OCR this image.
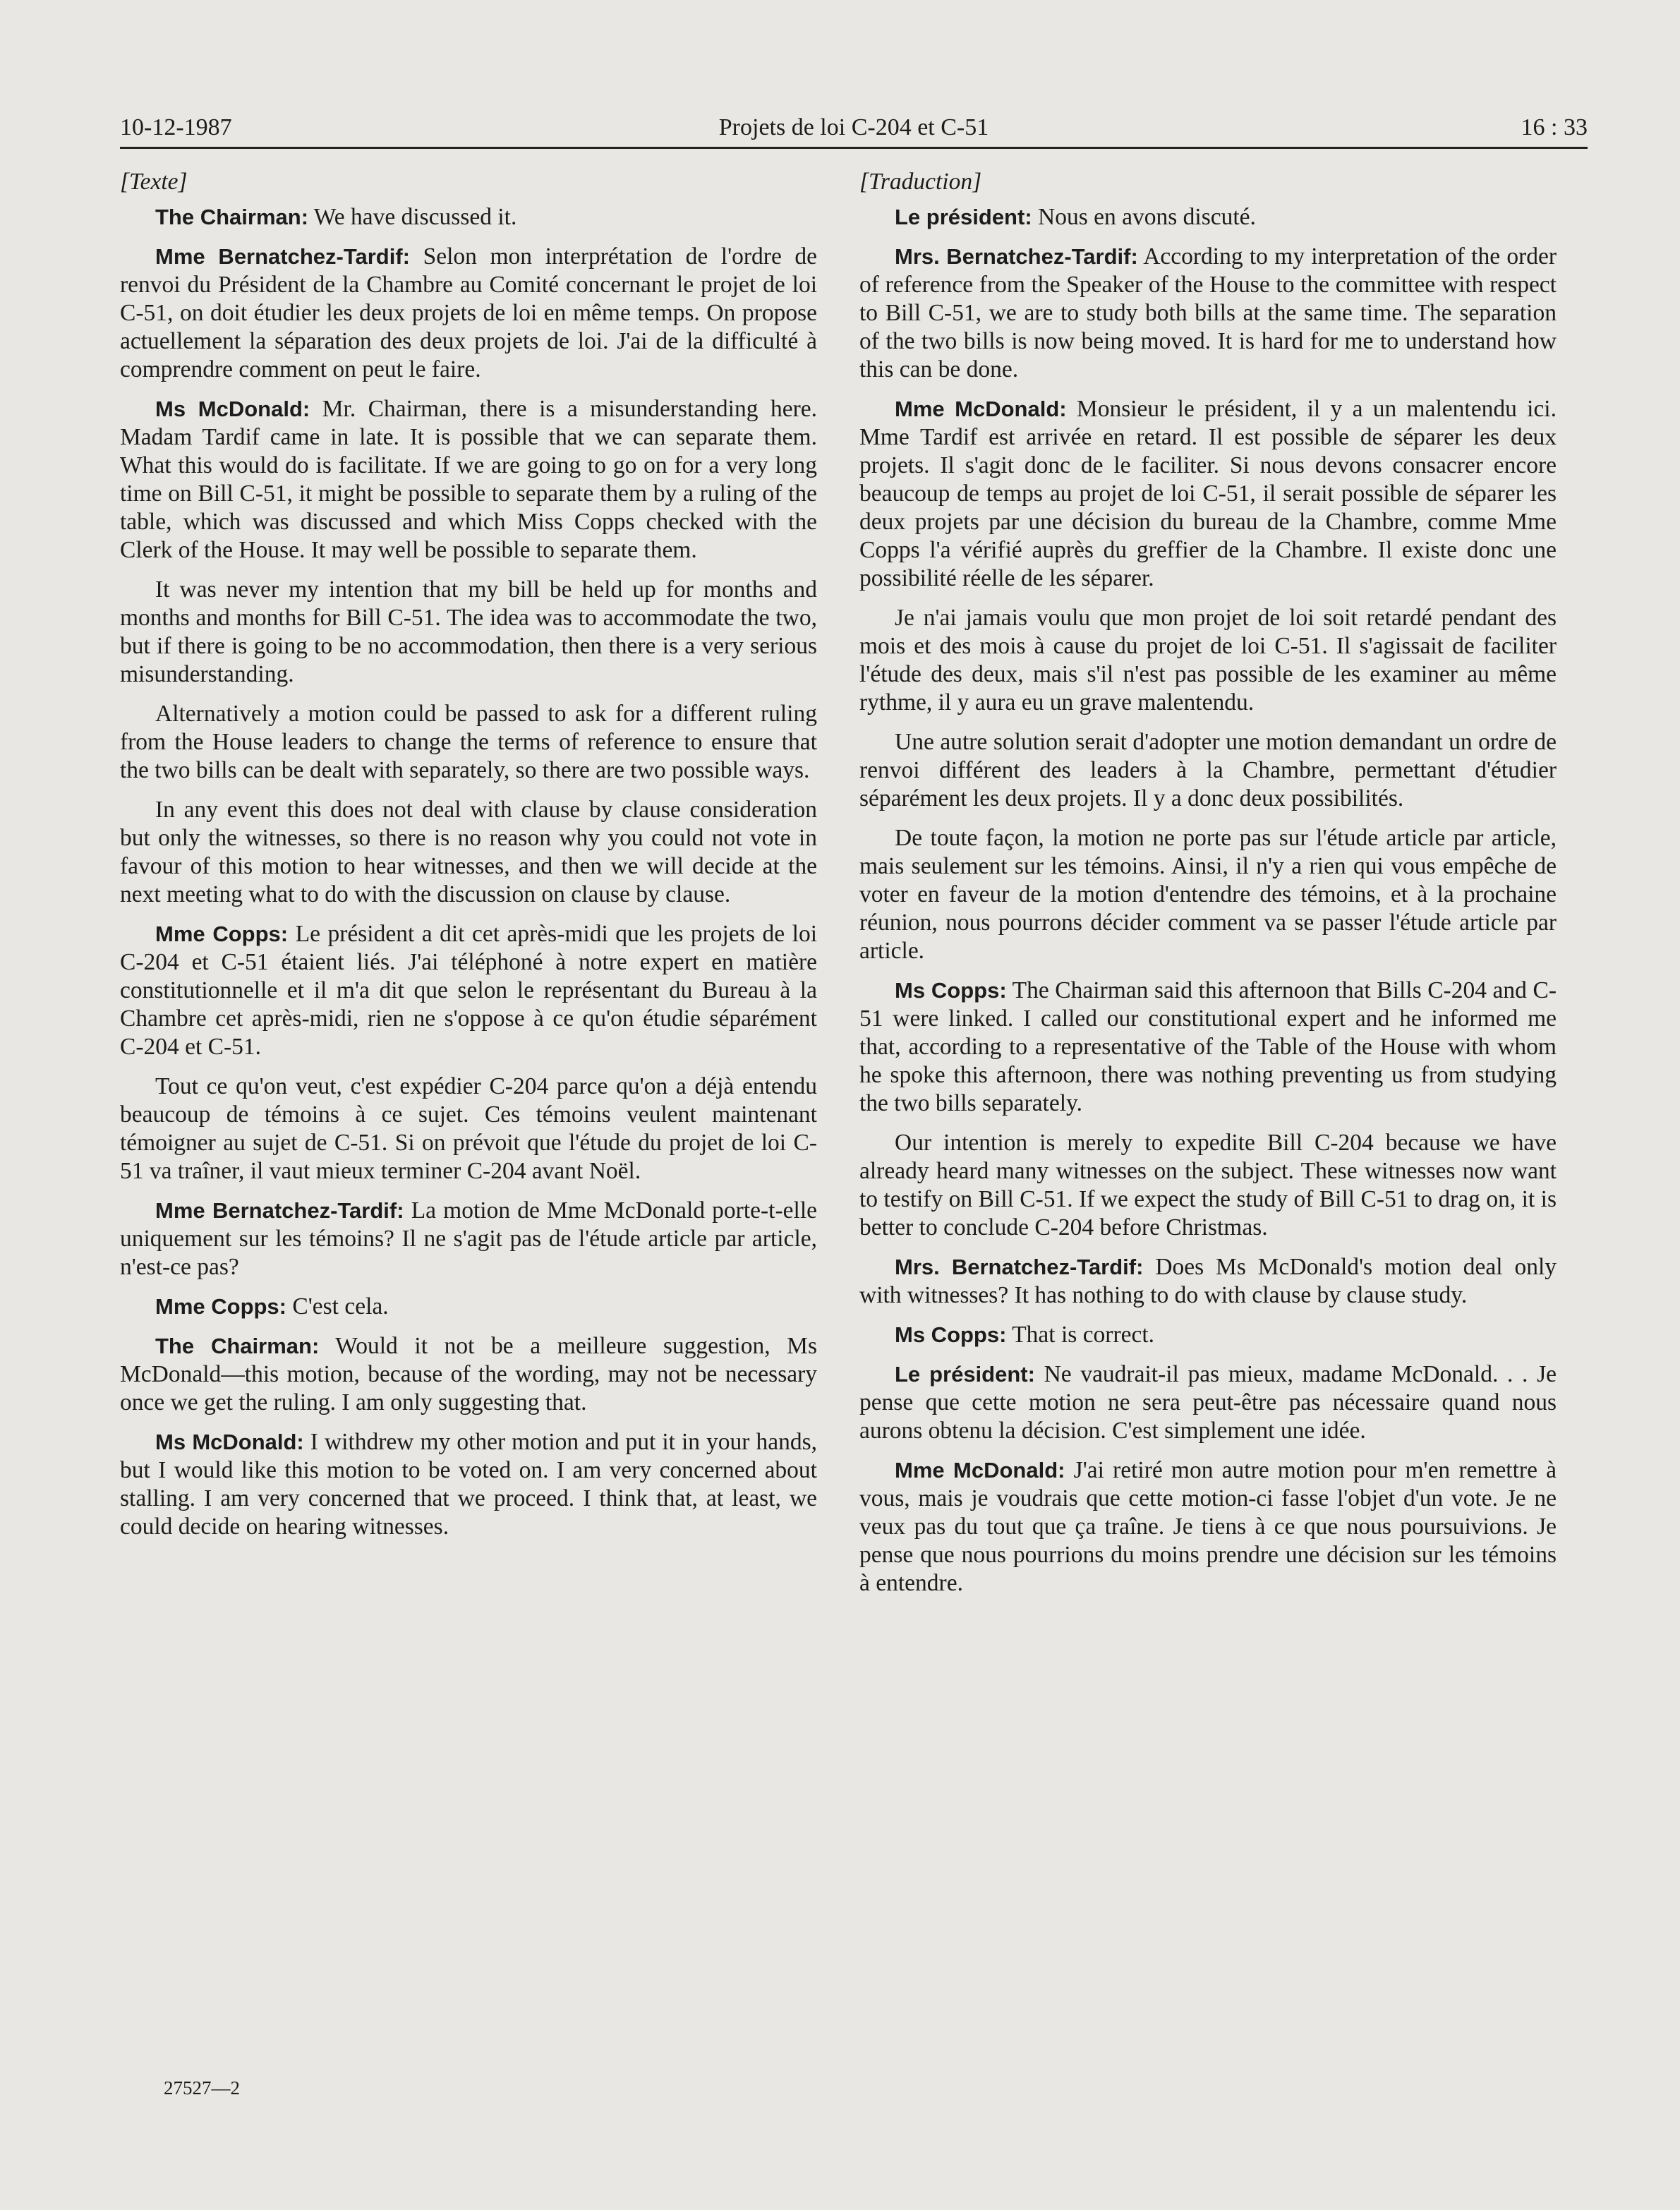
10-12-1987	Projets de loi C-204 et C-51	16 : 33

[Texte]

The Chairman: We have discussed it.

Mme Bernatchez-Tardif: Selon mon interprétation de l'ordre de renvoi du Président de la Chambre au Comité concernant le projet de loi C-51, on doit étudier les deux projets de loi en même temps. On propose actuellement la séparation des deux projets de loi. J'ai de la difficulté à comprendre comment on peut le faire.

Ms McDonald: Mr. Chairman, there is a misunderstanding here. Madam Tardif came in late. It is possible that we can separate them. What this would do is facilitate. If we are going to go on for a very long time on Bill C-51, it might be possible to separate them by a ruling of the table, which was discussed and which Miss Copps checked with the Clerk of the House. It may well be possible to separate them.

It was never my intention that my bill be held up for months and months and months for Bill C-51. The idea was to accommodate the two, but if there is going to be no accommodation, then there is a very serious misunderstanding.

Alternatively a motion could be passed to ask for a different ruling from the House leaders to change the terms of reference to ensure that the two bills can be dealt with separately, so there are two possible ways.

In any event this does not deal with clause by clause consideration but only the witnesses, so there is no reason why you could not vote in favour of this motion to hear witnesses, and then we will decide at the next meeting what to do with the discussion on clause by clause.

Mme Copps: Le président a dit cet après-midi que les projets de loi C-204 et C-51 étaient liés. J'ai téléphoné à notre expert en matière constitutionnelle et il m'a dit que selon le représentant du Bureau à la Chambre cet après-midi, rien ne s'oppose à ce qu'on étudie séparément C-204 et C-51.

Tout ce qu'on veut, c'est expédier C-204 parce qu'on a déjà entendu beaucoup de témoins à ce sujet. Ces témoins veulent maintenant témoigner au sujet de C-51. Si on prévoit que l'étude du projet de loi C-51 va traîner, il vaut mieux terminer C-204 avant Noël.

Mme Bernatchez-Tardif: La motion de Mme McDonald porte-t-elle uniquement sur les témoins? Il ne s'agit pas de l'étude article par article, n'est-ce pas?

Mme Copps: C'est cela.

The Chairman: Would it not be a meilleure suggestion, Ms McDonald—this motion, because of the wording, may not be necessary once we get the ruling. I am only suggesting that.

Ms McDonald: I withdrew my other motion and put it in your hands, but I would like this motion to be voted on. I am very concerned about stalling. I am very concerned that we proceed. I think that, at least, we could decide on hearing witnesses.

[Traduction]

Le président: Nous en avons discuté.

Mrs. Bernatchez-Tardif: According to my interpretation of the order of reference from the Speaker of the House to the committee with respect to Bill C-51, we are to study both bills at the same time. The separation of the two bills is now being moved. It is hard for me to understand how this can be done.

Mme McDonald: Monsieur le président, il y a un malentendu ici. Mme Tardif est arrivée en retard. Il est possible de séparer les deux projets. Il s'agit donc de le faciliter. Si nous devons consacrer encore beaucoup de temps au projet de loi C-51, il serait possible de séparer les deux projets par une décision du bureau de la Chambre, comme Mme Copps l'a vérifié auprès du greffier de la Chambre. Il existe donc une possibilité réelle de les séparer.

Je n'ai jamais voulu que mon projet de loi soit retardé pendant des mois et des mois à cause du projet de loi C-51. Il s'agissait de faciliter l'étude des deux, mais s'il n'est pas possible de les examiner au même rythme, il y aura eu un grave malentendu.

Une autre solution serait d'adopter une motion demandant un ordre de renvoi différent des leaders à la Chambre, permettant d'étudier séparément les deux projets. Il y a donc deux possibilités.

De toute façon, la motion ne porte pas sur l'étude article par article, mais seulement sur les témoins. Ainsi, il n'y a rien qui vous empêche de voter en faveur de la motion d'entendre des témoins, et à la prochaine réunion, nous pourrons décider comment va se passer l'étude article par article.

Ms Copps: The Chairman said this afternoon that Bills C-204 and C-51 were linked. I called our constitutional expert and he informed me that, according to a representative of the Table of the House with whom he spoke this afternoon, there was nothing preventing us from studying the two bills separately.

Our intention is merely to expedite Bill C-204 because we have already heard many witnesses on the subject. These witnesses now want to testify on Bill C-51. If we expect the study of Bill C-51 to drag on, it is better to conclude C-204 before Christmas.

Mrs. Bernatchez-Tardif: Does Ms McDonald's motion deal only with witnesses? It has nothing to do with clause by clause study.

Ms Copps: That is correct.

Le président: Ne vaudrait-il pas mieux, madame McDonald. . . Je pense que cette motion ne sera peut-être pas nécessaire quand nous aurons obtenu la décision. C'est simplement une idée.

Mme McDonald: J'ai retiré mon autre motion pour m'en remettre à vous, mais je voudrais que cette motion-ci fasse l'objet d'un vote. Je ne veux pas du tout que ça traîne. Je tiens à ce que nous poursuivions. Je pense que nous pourrions du moins prendre une décision sur les témoins à entendre.

27527—2
